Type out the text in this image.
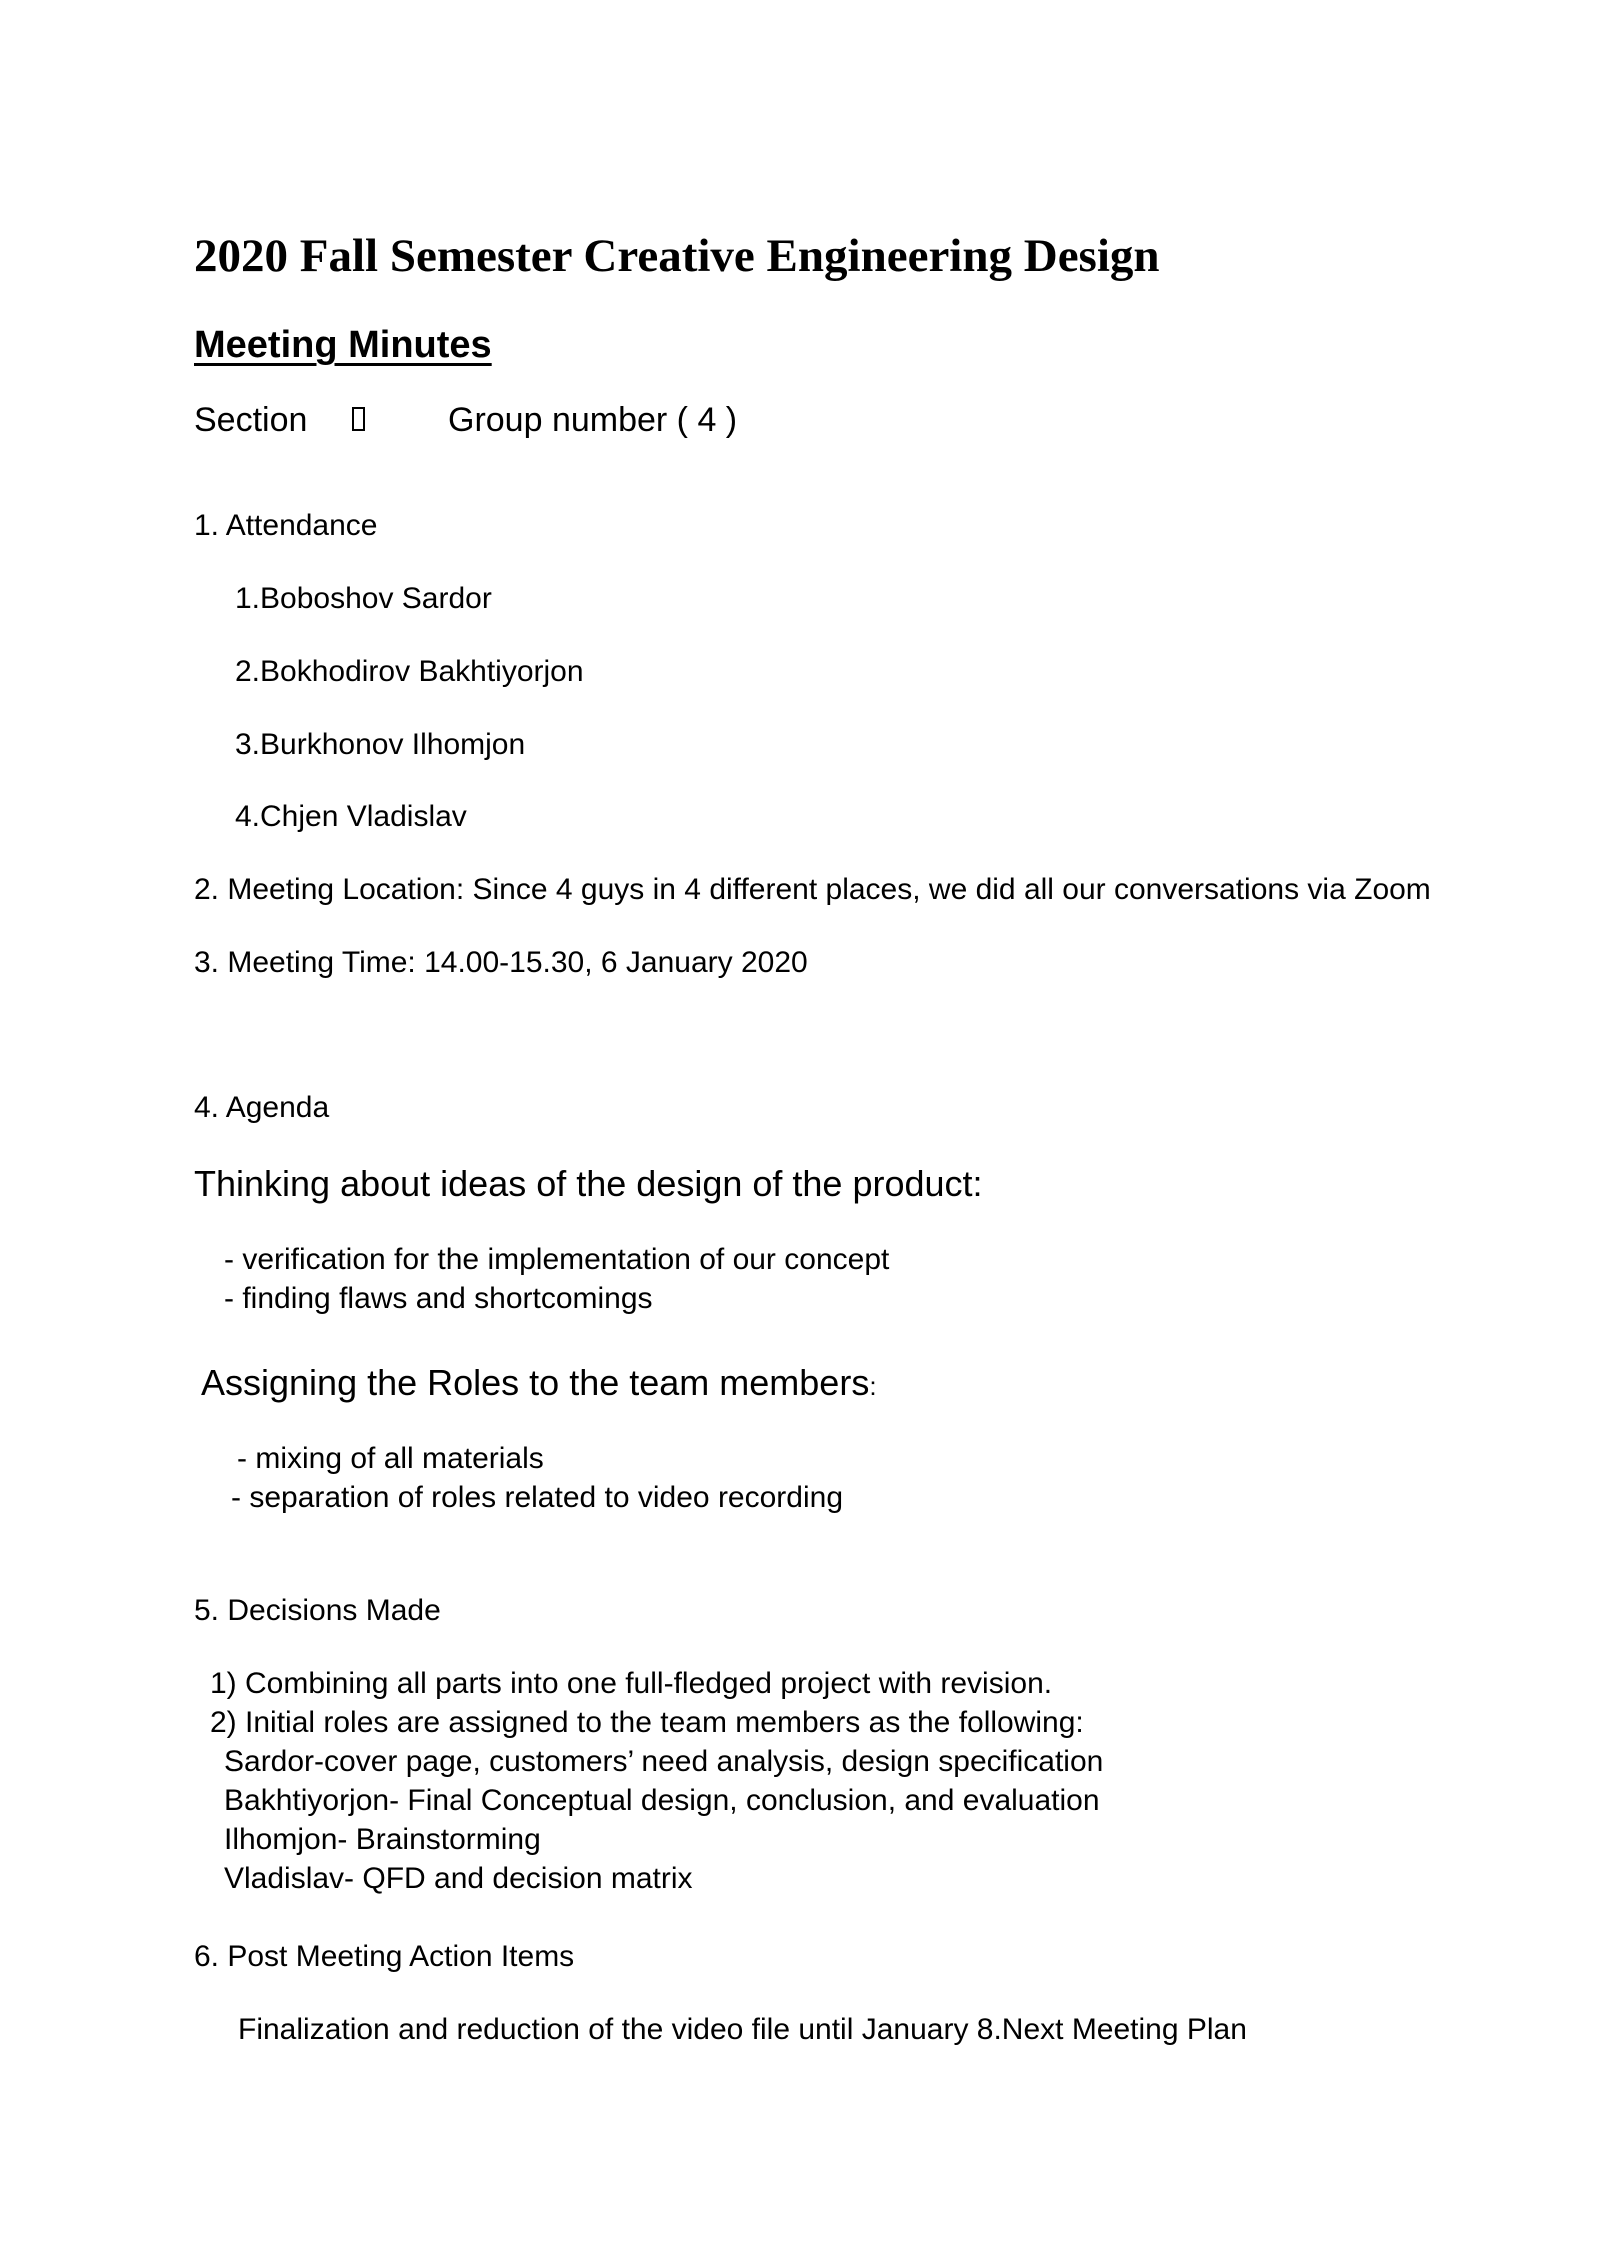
2020 Fall Semester Creative Engineering Design
Meeting Minutes
Section	Group number ( 4 )
1. Attendance
1.Boboshov Sardor
2.Bokhodirov Bakhtiyorjon
3.Burkhonov Ilhomjon
4.Chjen Vladislav
2. Meeting Location: Since 4 guys in 4 different places, we did all our conversations via Zoom
3. Meeting Time: 14.00-15.30, 6 January 2020
4. Agenda
Thinking about ideas of the design of the product:
- verification for the implementation of our concept
- finding flaws and shortcomings
Assigning the Roles to the team members:
- mixing of all materials
- separation of roles related to video recording
5. Decisions Made
1) Combining all parts into one full-fledged project with revision.
2) Initial roles are assigned to the team members as the following:
Sardor-cover page, customers’ need analysis, design specification
Bakhtiyorjon- Final Conceptual design, conclusion, and evaluation
Ilhomjon- Brainstorming
Vladislav- QFD and decision matrix
6. Post Meeting Action Items
Finalization and reduction of the video file until January 8.Next Meeting Plan
